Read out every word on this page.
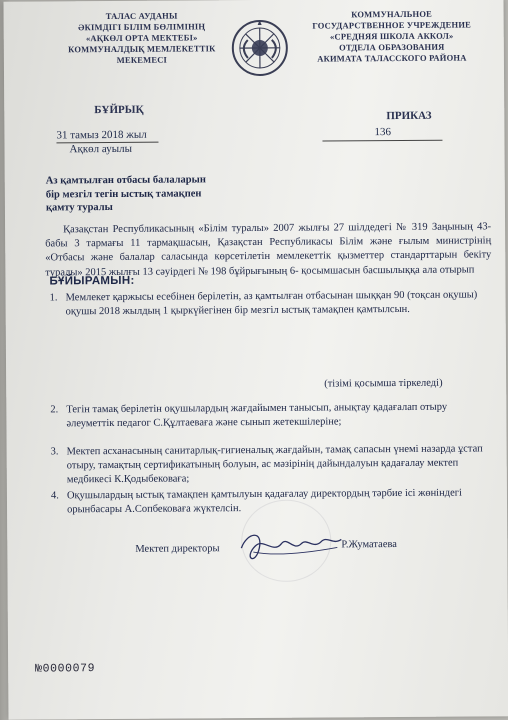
ТАЛАС АУДАНЫ
ӘКІМДІГІ БІЛІМ БӨЛІМІНІҢ
«АҚКӨЛ ОРТА МЕКТЕБІ»
КОММУНАЛДЫҚ МЕМЛЕКЕТТІК
МЕКЕМЕСІ
КОММУНАЛЬНОЕ
ГОСУДАРСТВЕННОЕ УЧРЕЖДЕНИЕ
«СРЕДНЯЯ ШКОЛА АККОЛ»
ОТДЕЛА ОБРАЗОВАНИЯ
АКИМАТА ТАЛАССКОГО РАЙОНА
БҰЙРЫҚ	ПРИКАЗ
31 тамыз 2018 жыл
Ақкөл ауылы
136
Аз қамтылған отбасы балаларын
бір мезгіл тегін ыстық тамақпен
қамту туралы
Қазақстан Республикасының «Білім туралы» 2007 жылғы 27 шілдедегі № 319 Заңының 43- бабы 3 тармағы 11 тармақшасын, Қазақстан Республикасы Білім және ғылым министрінің «Отбасы және балалар саласында көрсетілетін мемлекеттік қызметтер стандарттарын бекіту туралы» 2015 жылғы 13 сәуірдегі № 198 бұйрығының 6- қосымшасын басшылыққа ала отырып
БҰЙЫРАМЫН:
1. Мемлекет қаржысы есебінен берілетін, аз қамтылған отбасынан шыққан 90 (тоқсан оқушы) оқушы 2018 жылдың 1 қыркүйегінен бір мезгіл ыстық тамақпен қамтылсын.
(тізімі қосымша тіркеледі)
2. Тегін тамақ берілетін оқушылардың жағдайымен танысып, анықтау қадағалап отыру әлеуметтік педагог С.Құлтаеваға және сынып жетекшілеріне;
3. Мектеп асханасының санитарлық-гигиеналық жағдайын, тамақ сапасын үнемі назарда ұстап отыру, тамақтың сертификатының болуын, ас мәзірінің дайындалуын қадағалау мектеп медбикесі К.Қодыбековаға;
4. Оқушылардың ыстық тамақпен қамтылуын қадағалау директордың тәрбие ісі жөніндегі орынбасары А.Сопбековаға жүктелсін.
Мектеп директоры	Р.Жуматаева
№0000079
